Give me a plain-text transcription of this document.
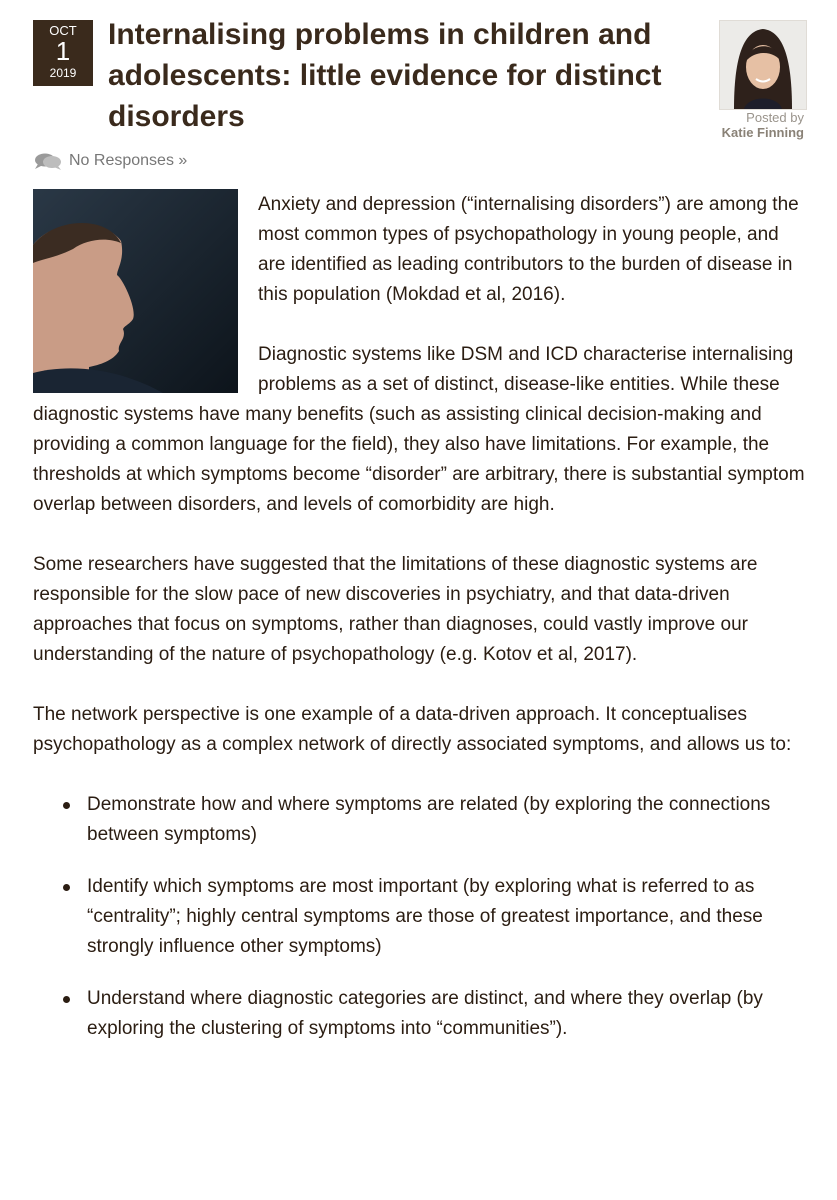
OCT
1
2019
Internalising problems in children and adolescents: little evidence for distinct disorders	Posted by
Katie Finning
No Responses »

Anxiety and depression (“internalising disorders”) are among the most common types of psychopathology in young people, and are identified as leading contributors to the burden of disease in this population (Mokdad et al, 2016).

Diagnostic systems like DSM and ICD characterise internalising problems as a set of distinct, disease-like entities. While these diagnostic systems have many benefits (such as assisting clinical decision-making and providing a common language for the field), they also have limitations. For example, the thresholds at which symptoms become “disorder” are arbitrary, there is substantial symptom overlap between disorders, and levels of comorbidity are high.

Some researchers have suggested that the limitations of these diagnostic systems are responsible for the slow pace of new discoveries in psychiatry, and that data-driven approaches that focus on symptoms, rather than diagnoses, could vastly improve our understanding of the nature of psychopathology (e.g. Kotov et al, 2017).

The network perspective is one example of a data-driven approach. It conceptualises psychopathology as a complex network of directly associated symptoms, and allows us to:

Demonstrate how and where symptoms are related (by exploring the connections between symptoms)
Identify which symptoms are most important (by exploring what is referred to as “centrality”; highly central symptoms are those of greatest importance, and these strongly influence other symptoms)
Understand where diagnostic categories are distinct, and where they overlap (by exploring the clustering of symptoms into “communities”).
